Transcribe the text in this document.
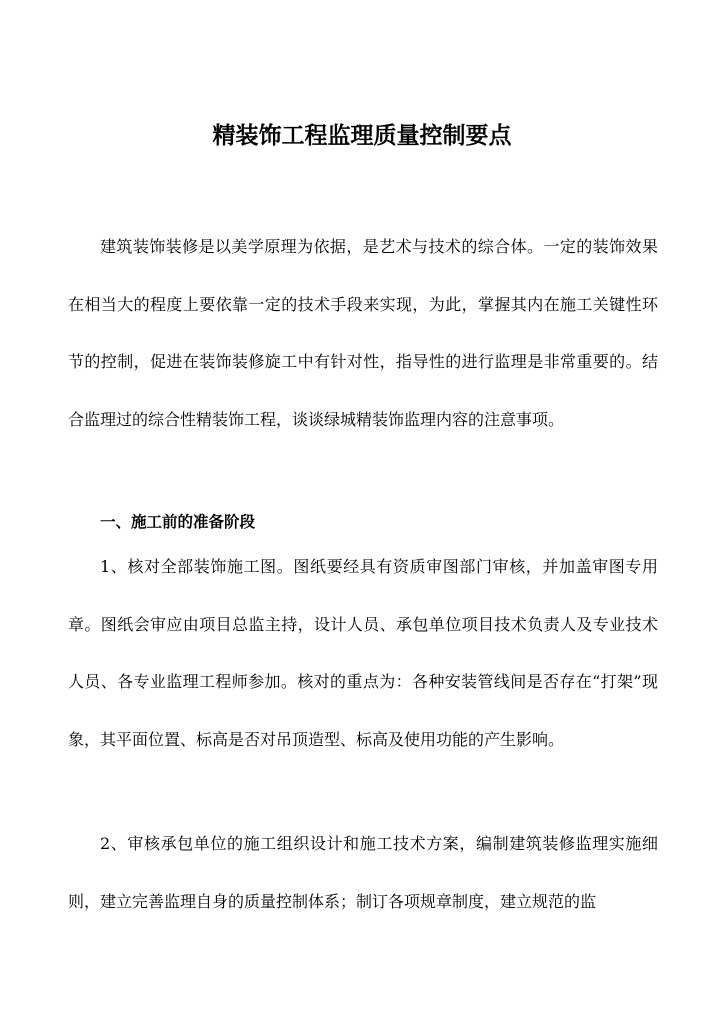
精装饰工程监理质量控制要点

建筑装饰装修是以美学原理为依据，是艺术与技术的综合体。一定的装饰效果在相当大的程度上要依靠一定的技术手段来实现，为此，掌握其内在施工关键性环节的控制，促进在装饰装修旋工中有针对性，指导性的进行监理是非常重要的。结合监理过的综合性精装饰工程，谈谈绿城精装饰监理内容的注意事项。

一、施工前的准备阶段

1、核对全部装饰施工图。图纸要经具有资质审图部门审核，并加盖审图专用章。图纸会审应由项目总监主持，设计人员、承包单位项目技术负责人及专业技术人员、各专业监理工程师参加。核对的重点为：各种安装管线间是否存在“打架”现象，其平面位置、标高是否对吊顶造型、标高及使用功能的产生影响。

2、审核承包单位的施工组织设计和施工技术方案，编制建筑装修监理实施细则，建立完善监理自身的质量控制体系；制订各项规章制度，建立规范的监
